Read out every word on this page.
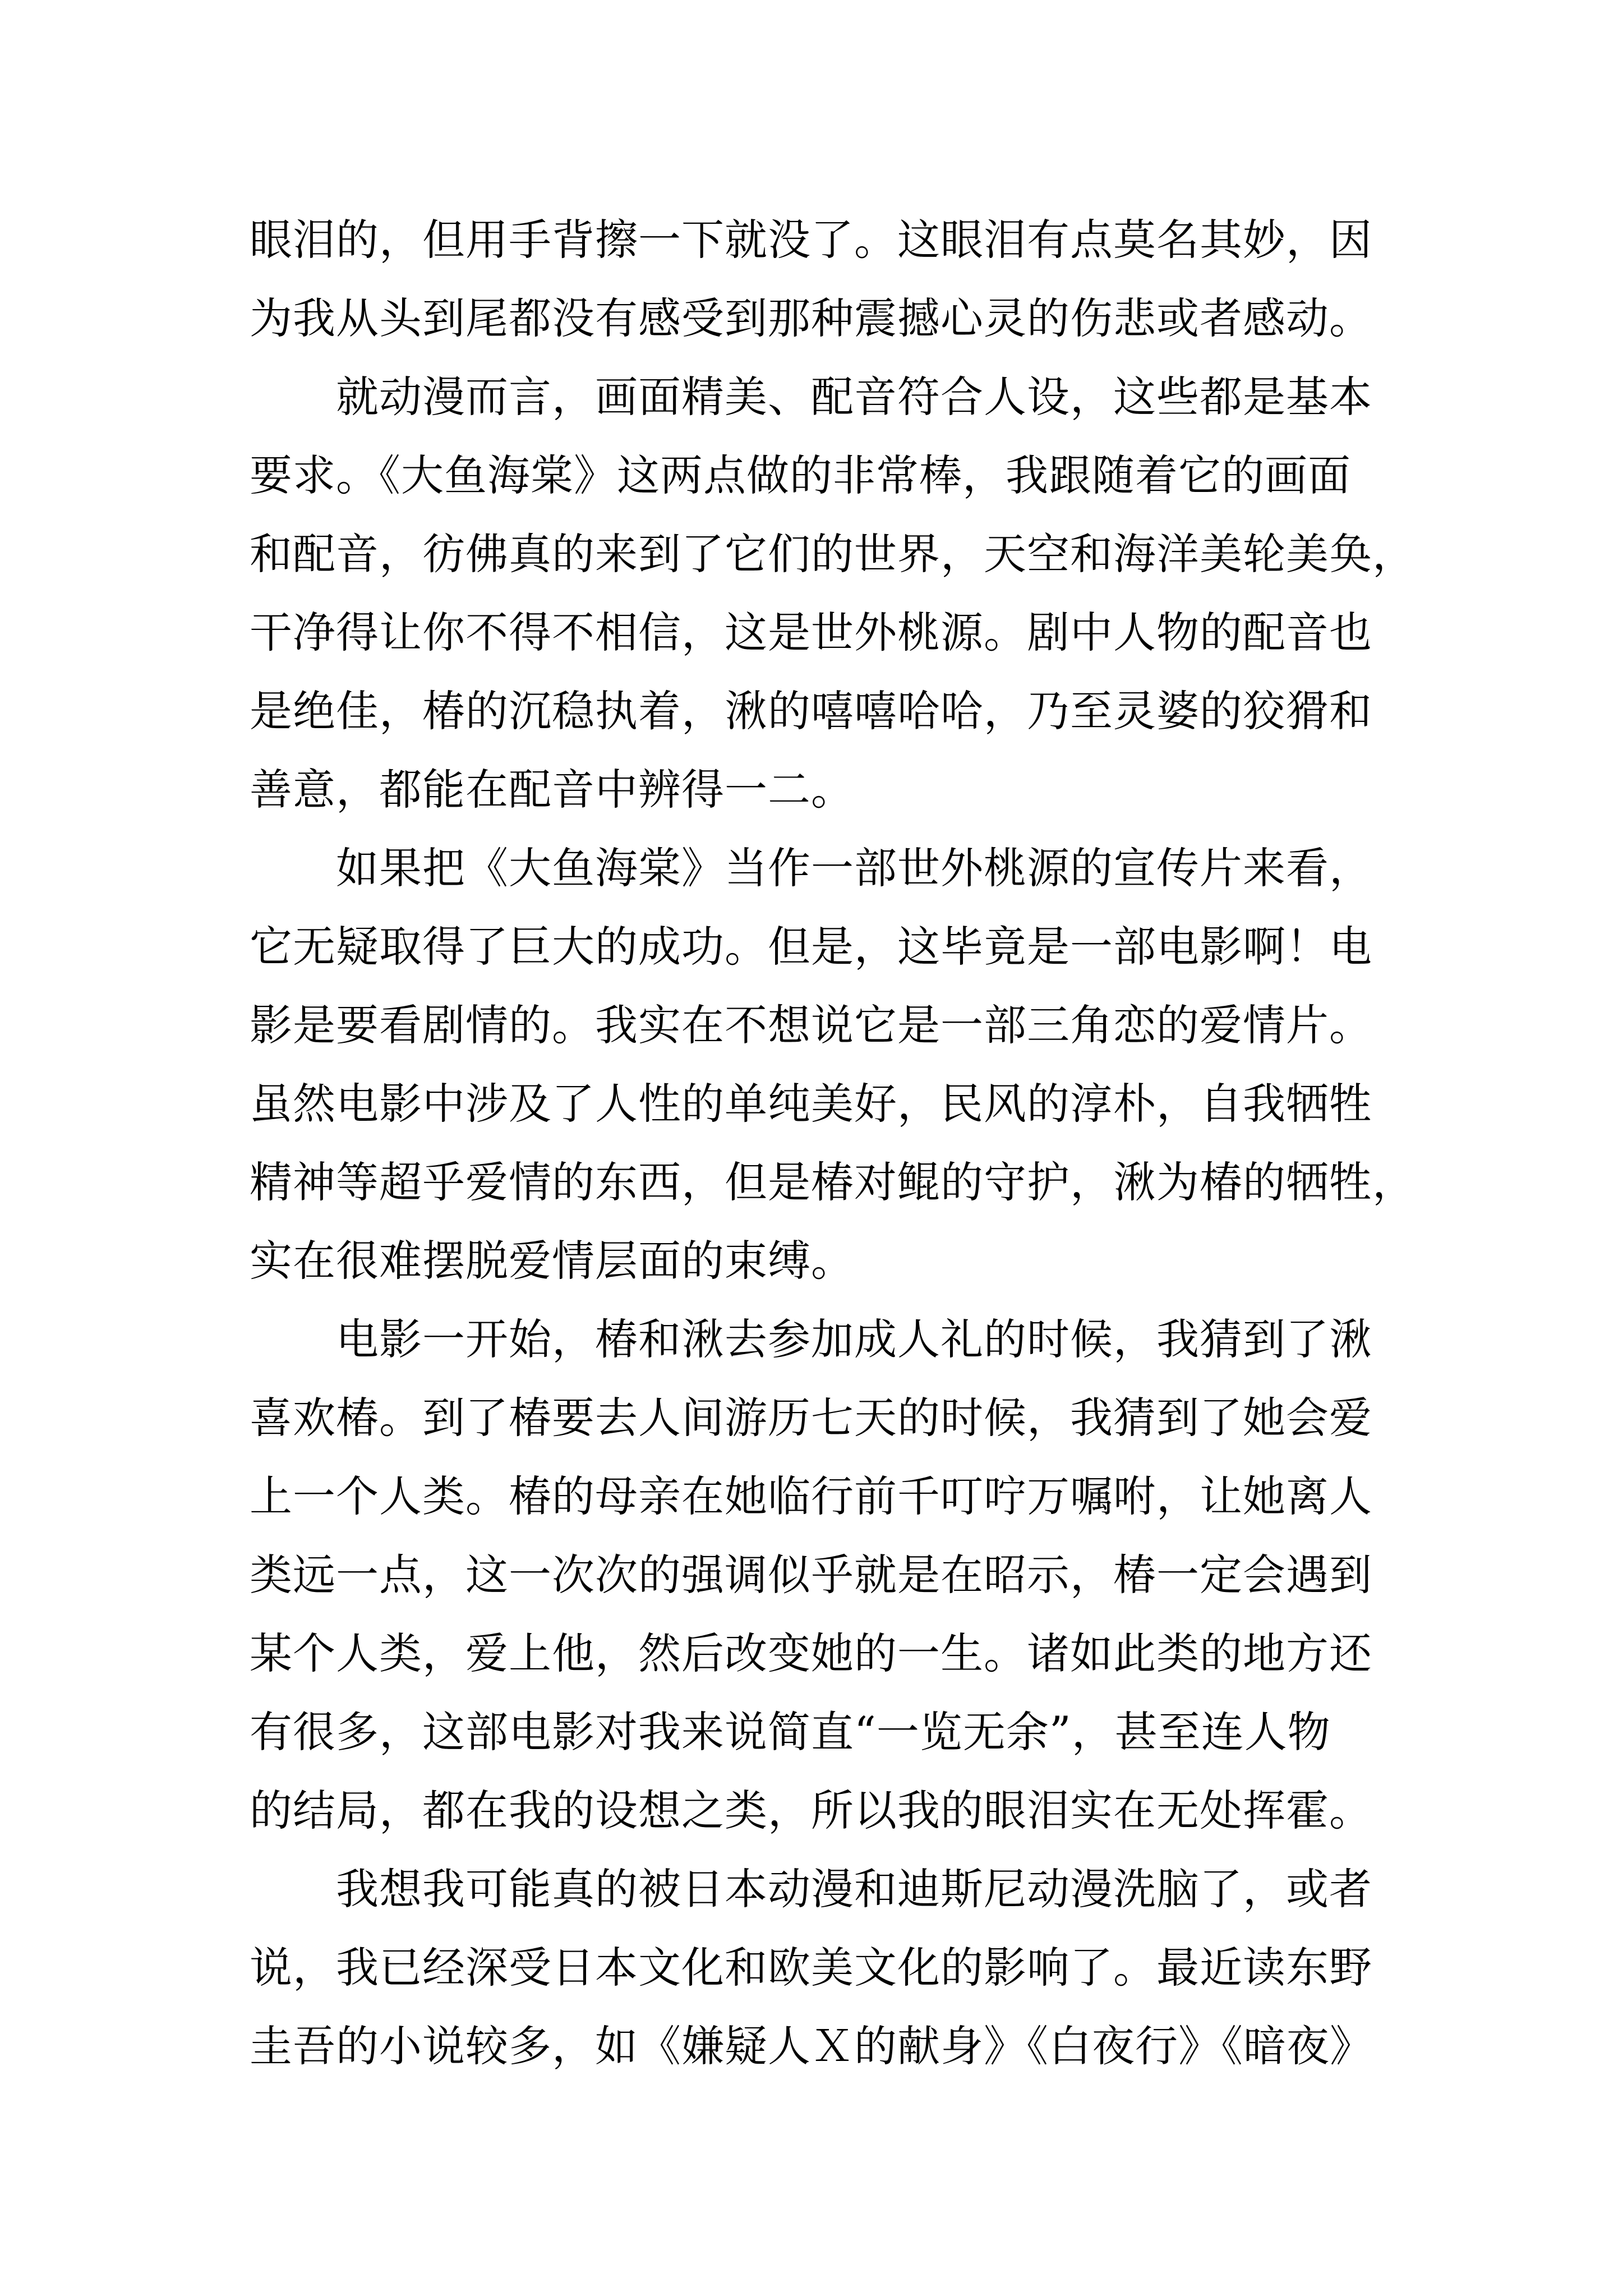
眼泪的，但用手背擦一下就没了。这眼泪有点莫名其妙，因
为我从头到尾都没有感受到那种震撼心灵的伤悲或者感动。
　　就动漫而言，画面精美、配音符合人设，这些都是基本
要求。《大鱼海棠》这两点做的非常棒，我跟随着它的画面
和配音，彷佛真的来到了它们的世界，天空和海洋美轮美奂，
干净得让你不得不相信，这是世外桃源。剧中人物的配音也
是绝佳，椿的沉稳执着，湫的嘻嘻哈哈，乃至灵婆的狡猾和
善意，都能在配音中辨得一二。
　　如果把《大鱼海棠》当作一部世外桃源的宣传片来看，
它无疑取得了巨大的成功。但是，这毕竟是一部电影啊！电
影是要看剧情的。我实在不想说它是一部三角恋的爱情片。
虽然电影中涉及了人性的单纯美好，民风的淳朴，自我牺牲
精神等超乎爱情的东西，但是椿对鲲的守护，湫为椿的牺牲，
实在很难摆脱爱情层面的束缚。
　　电影一开始，椿和湫去参加成人礼的时候，我猜到了湫
喜欢椿。到了椿要去人间游历七天的时候，我猜到了她会爱
上一个人类。椿的母亲在她临行前千叮咛万嘱咐，让她离人
类远一点，这一次次的强调似乎就是在昭示，椿一定会遇到
某个人类，爱上他，然后改变她的一生。诸如此类的地方还
有很多，这部电影对我来说简直“一览无余”，甚至连人物
的结局，都在我的设想之类，所以我的眼泪实在无处挥霍。
　　我想我可能真的被日本动漫和迪斯尼动漫洗脑了，或者
说，我已经深受日本文化和欧美文化的影响了。最近读东野
圭吾的小说较多，如《嫌疑人Ｘ的献身》《白夜行》《暗夜》
